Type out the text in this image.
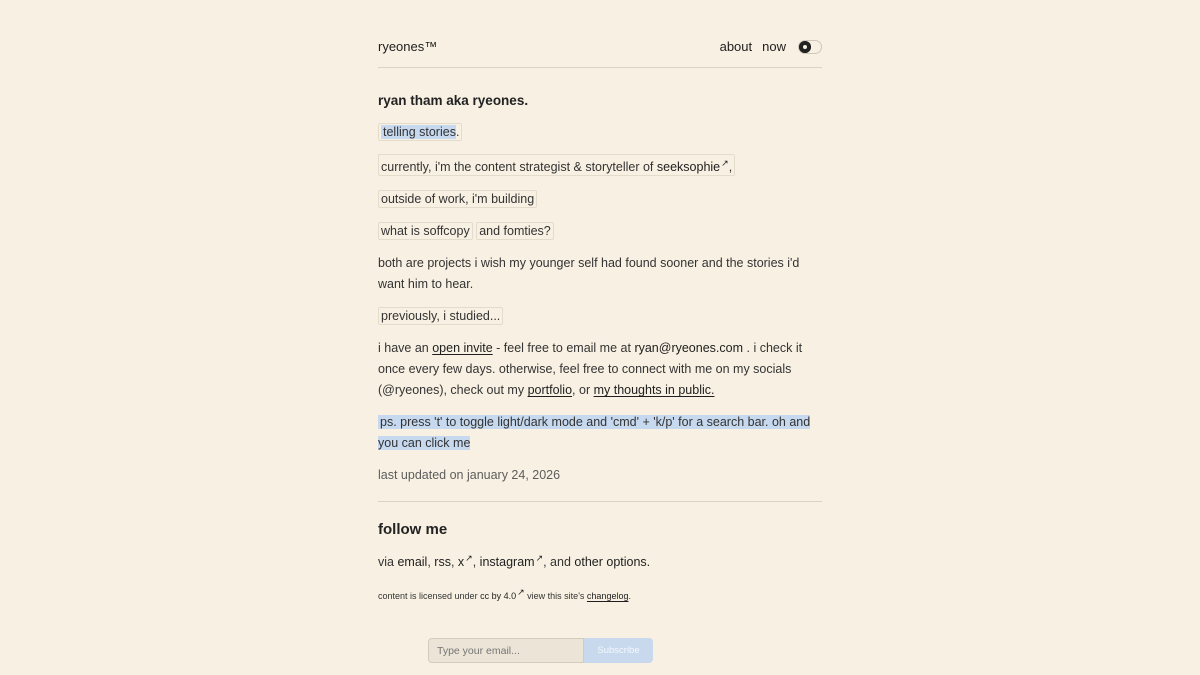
ryeones™	about now
ryan tham aka ryeones.

telling stories.

currently, i'm the content strategist & storyteller of seeksophie↗,

outside of work, i'm building

what is soffcopy and fomties?

both are projects i wish my younger self had found sooner and the stories i'd want him to hear.

previously, i studied...

i have an open invite - feel free to email me at ryan@ryeones.com . i check it once every few days. otherwise, feel free to connect with me on my socials (@ryeones), check out my portfolio, or my thoughts in public.

ps. press 't' to toggle light/dark mode and 'cmd' + 'k/p' for a search bar. oh and you can click me

last updated on january 24, 2026

follow me
via email, rss, x↗, instagram↗, and other options.
content is licensed under cc by 4.0↗ view this site's changelog.
Type your email...
Subscribe
